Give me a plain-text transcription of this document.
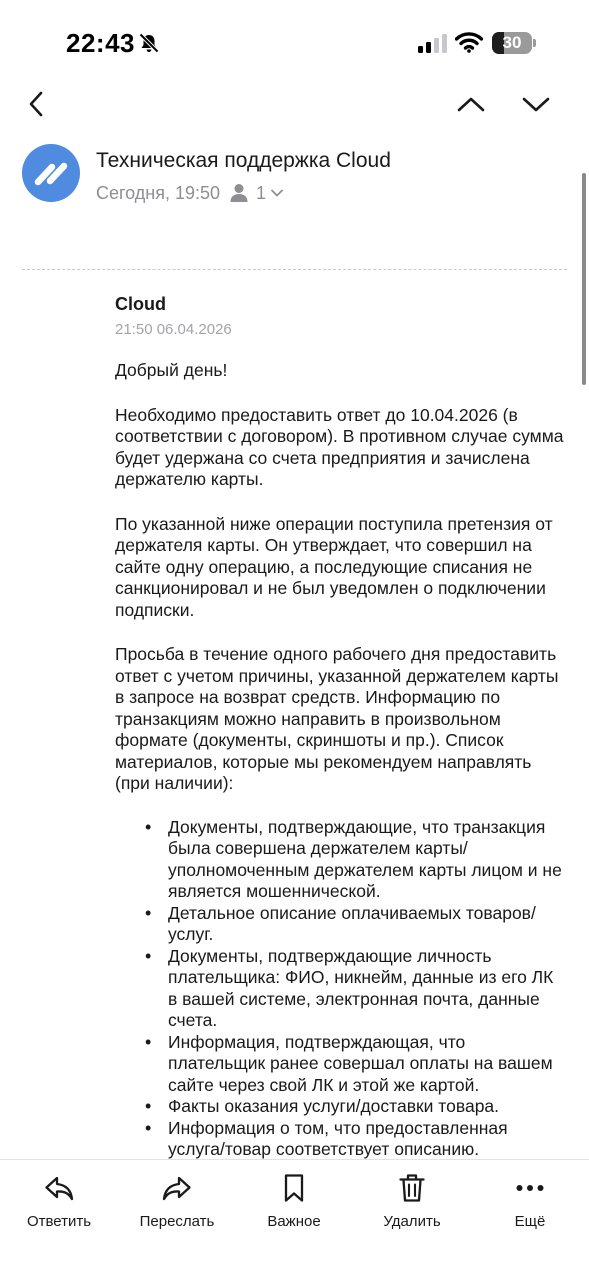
22:43	30
Техническая поддержка Cloud
Сегодня, 19:50 1
Cloud
21:50 06.04.2026

Добрый день!

Необходимо предоставить ответ до 10.04.2026 (в соответствии с договором). В противном случае сумма будет удержана со счета предприятия и зачислена держателю карты.

По указанной ниже операции поступила претензия от держателя карты. Он утверждает, что совершил на сайте одну операцию, а последующие списания не санкционировал и не был уведомлен о подключении подписки.

Просьба в течение одного рабочего дня предоставить ответ с учетом причины, указанной держателем карты в запросе на возврат средств. Информацию по транзакциям можно направить в произвольном формате (документы, скриншоты и пр.). Список материалов, которые мы рекомендуем направлять (при наличии):

• Документы, подтверждающие, что транзакция была совершена держателем карты/уполномоченным держателем карты лицом и не является мошеннической.
• Детальное описание оплачиваемых товаров/услуг.
• Документы, подтверждающие личность плательщика: ФИО, никнейм, данные из его ЛК в вашей системе, электронная почта, данные счета.
• Информация, подтверждающая, что плательщик ранее совершал оплаты на вашем сайте через свой ЛК и этой же картой.
• Факты оказания услуги/доставки товара.
• Информация о том, что предоставленная услуга/товар соответствует описанию.
•
Ответить	Переслать	Важное	Удалить	Ещё
